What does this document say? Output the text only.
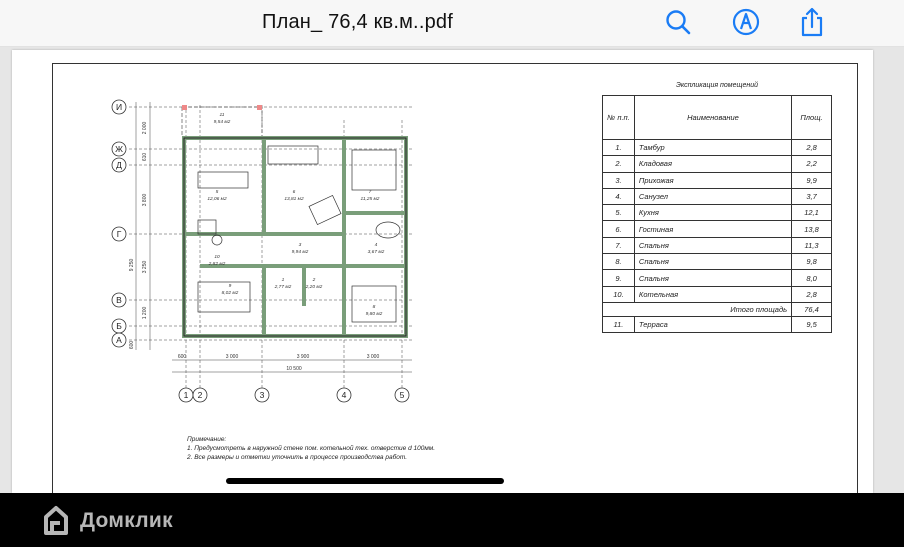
План_ 76,4 кв.м..pdf
И
Ж
Д
Г
В
Б
А
1 2	3	4	5
2 000
610
3 800
3 250
9 250
1 200
600
600	3 000	3 900	3 000
10 500
11
9,54 м2
5
12,06 м2
6
13,81 м2
7
11,25 м2
3
9,94 м2
10
2,82 м2
4
3,67 м2
9
8,02 м2
1
2,77 м2
2
2,20 м2
8
9,80 м2
Экспликация помещений
№ п.п.	Наименование	Площ.
1.	Тамбур	2,8
2.	Кладовая	2,2
3.	Прихожая	9,9
4.	Санузел	3,7
5.	Кухня	12,1
6.	Гостиная	13,8
7.	Спальня	11,3
8.	Спальня	9,8
9.	Спальня	8,0
10.	Котельная	2,8
	Итого площадь	76,4
11.	Терраса	9,5
Примечание:
1. Предусмотреть в наружной стене пом. котельной тех. отверстие d 100мм.
2. Все размеры и отметки уточнить в процессе производства работ.
Домклик
